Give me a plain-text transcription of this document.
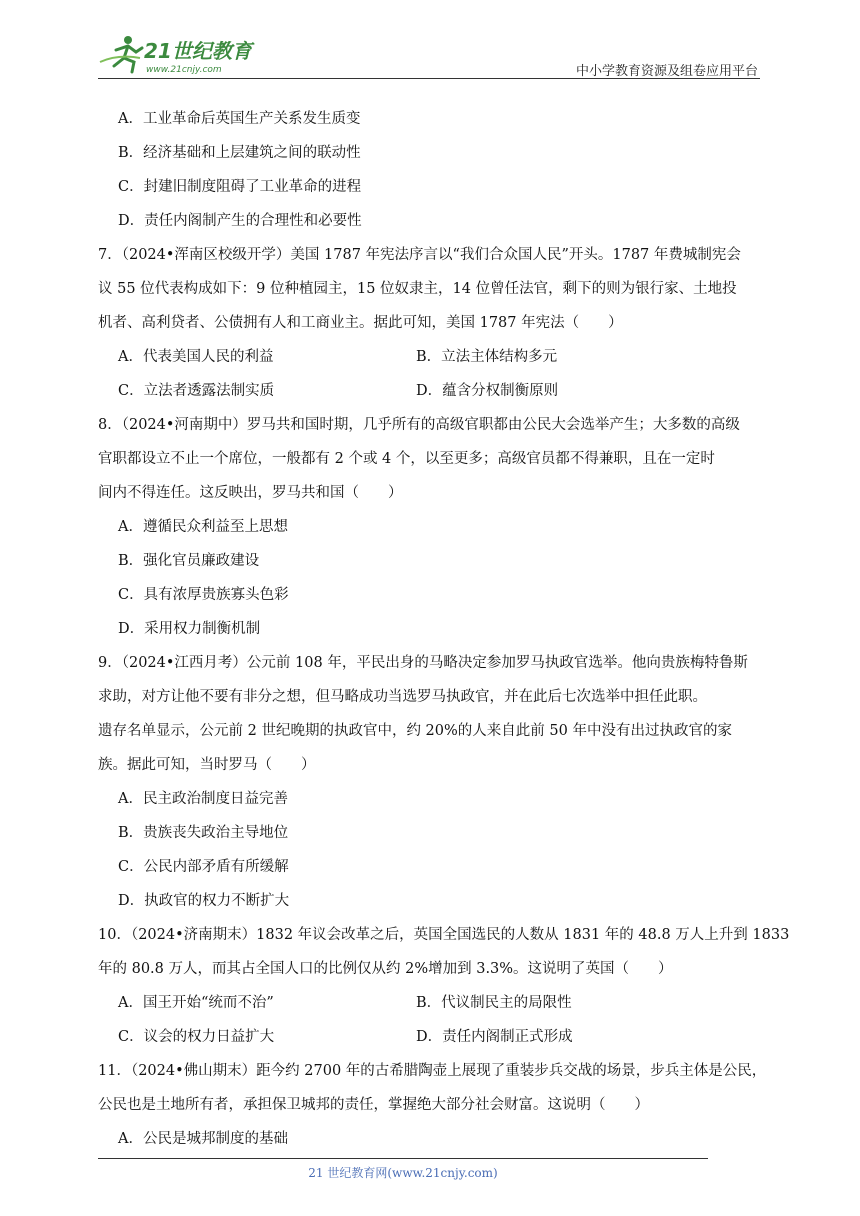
21世纪教育
www.21cnjy.com	中小学教育资源及组卷应用平台
A．工业革命后英国生产关系发生质变
B．经济基础和上层建筑之间的联动性
C．封建旧制度阻碍了工业革命的进程
D．责任内阁制产生的合理性和必要性
7．（2024•浑南区校级开学）美国 1787 年宪法序言以“我们合众国人民”开头。1787 年费城制宪会
议 55 位代表构成如下：9 位种植园主，15 位奴隶主，14 位曾任法官，剩下的则为银行家、土地投
机者、高利贷者、公债拥有人和工商业主。据此可知，美国 1787 年宪法（　　）
A．代表美国人民的利益	B．立法主体结构多元
C．立法者透露法制实质	D．蕴含分权制衡原则
8．（2024•河南期中）罗马共和国时期，几乎所有的高级官职都由公民大会选举产生；大多数的高级
官职都设立不止一个席位，一般都有 2 个或 4 个，以至更多；高级官员都不得兼职，且在一定时
间内不得连任。这反映出，罗马共和国（　　）
A．遵循民众利益至上思想
B．强化官员廉政建设
C．具有浓厚贵族寡头色彩
D．采用权力制衡机制
9．（2024•江西月考）公元前 108 年，平民出身的马略决定参加罗马执政官选举。他向贵族梅特鲁斯
求助，对方让他不要有非分之想，但马略成功当选罗马执政官，并在此后七次选举中担任此职。
遗存名单显示，公元前 2 世纪晚期的执政官中，约 20%的人来自此前 50 年中没有出过执政官的家
族。据此可知，当时罗马（　　）
A．民主政治制度日益完善
B．贵族丧失政治主导地位
C．公民内部矛盾有所缓解
D．执政官的权力不断扩大
10．（2024•济南期末）1832 年议会改革之后，英国全国选民的人数从 1831 年的 48.8 万人上升到 1833
年的 80.8 万人，而其占全国人口的比例仅从约 2%增加到 3.3%。这说明了英国（　　）
A．国王开始“统而不治”	B．代议制民主的局限性
C．议会的权力日益扩大	D．责任内阁制正式形成
11．（2024•佛山期末）距今约 2700 年的古希腊陶壶上展现了重装步兵交战的场景，步兵主体是公民，
公民也是土地所有者，承担保卫城邦的责任，掌握绝大部分社会财富。这说明（　　）
A．公民是城邦制度的基础
21 世纪教育网(www.21cnjy.com)
